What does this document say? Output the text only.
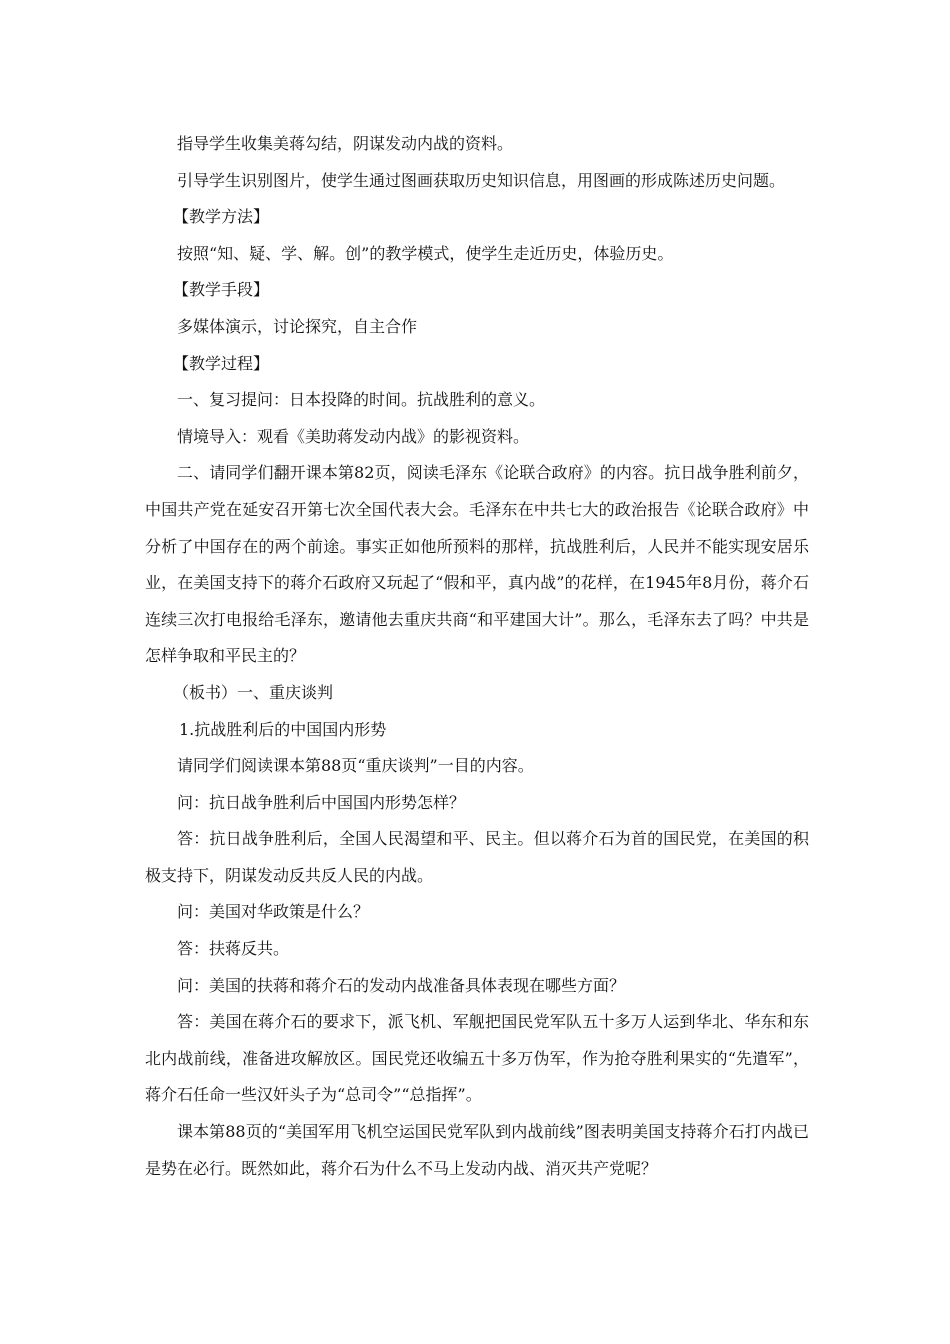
指导学生收集美蒋勾结，阴谋发动内战的资料。

引导学生识别图片，使学生通过图画获取历史知识信息，用图画的形成陈述历史问题。

【教学方法】

按照“知、疑、学、解。创”的教学模式，使学生走近历史，体验历史。

【教学手段】

多媒体演示，讨论探究，自主合作

【教学过程】

一、复习提问：日本投降的时间。抗战胜利的意义。

情境导入：观看《美助蒋发动内战》的影视资料。

二、请同学们翻开课本第82页，阅读毛泽东《论联合政府》的内容。抗日战争胜利前夕，中国共产党在延安召开第七次全国代表大会。毛泽东在中共七大的政治报告《论联合政府》中分析了中国存在的两个前途。事实正如他所预料的那样，抗战胜利后，人民并不能实现安居乐业，在美国支持下的蒋介石政府又玩起了“假和平，真内战”的花样，在1945年8月份，蒋介石连续三次打电报给毛泽东，邀请他去重庆共商“和平建国大计”。那么，毛泽东去了吗？中共是怎样争取和平民主的？

（板书）一、重庆谈判

1.抗战胜利后的中国国内形势

请同学们阅读课本第88页“重庆谈判”一目的内容。

问：抗日战争胜利后中国国内形势怎样？

答：抗日战争胜利后，全国人民渴望和平、民主。但以蒋介石为首的国民党，在美国的积极支持下，阴谋发动反共反人民的内战。

问：美国对华政策是什么？

答：扶蒋反共。

问：美国的扶蒋和蒋介石的发动内战准备具体表现在哪些方面？

答：美国在蒋介石的要求下，派飞机、军舰把国民党军队五十多万人运到华北、华东和东北内战前线，准备进攻解放区。国民党还收编五十多万伪军，作为抢夺胜利果实的“先遣军”，蒋介石任命一些汉奸头子为“总司令”“总指挥”。

课本第88页的“美国军用飞机空运国民党军队到内战前线”图表明美国支持蒋介石打内战已是势在必行。既然如此，蒋介石为什么不马上发动内战、消灭共产党呢？
